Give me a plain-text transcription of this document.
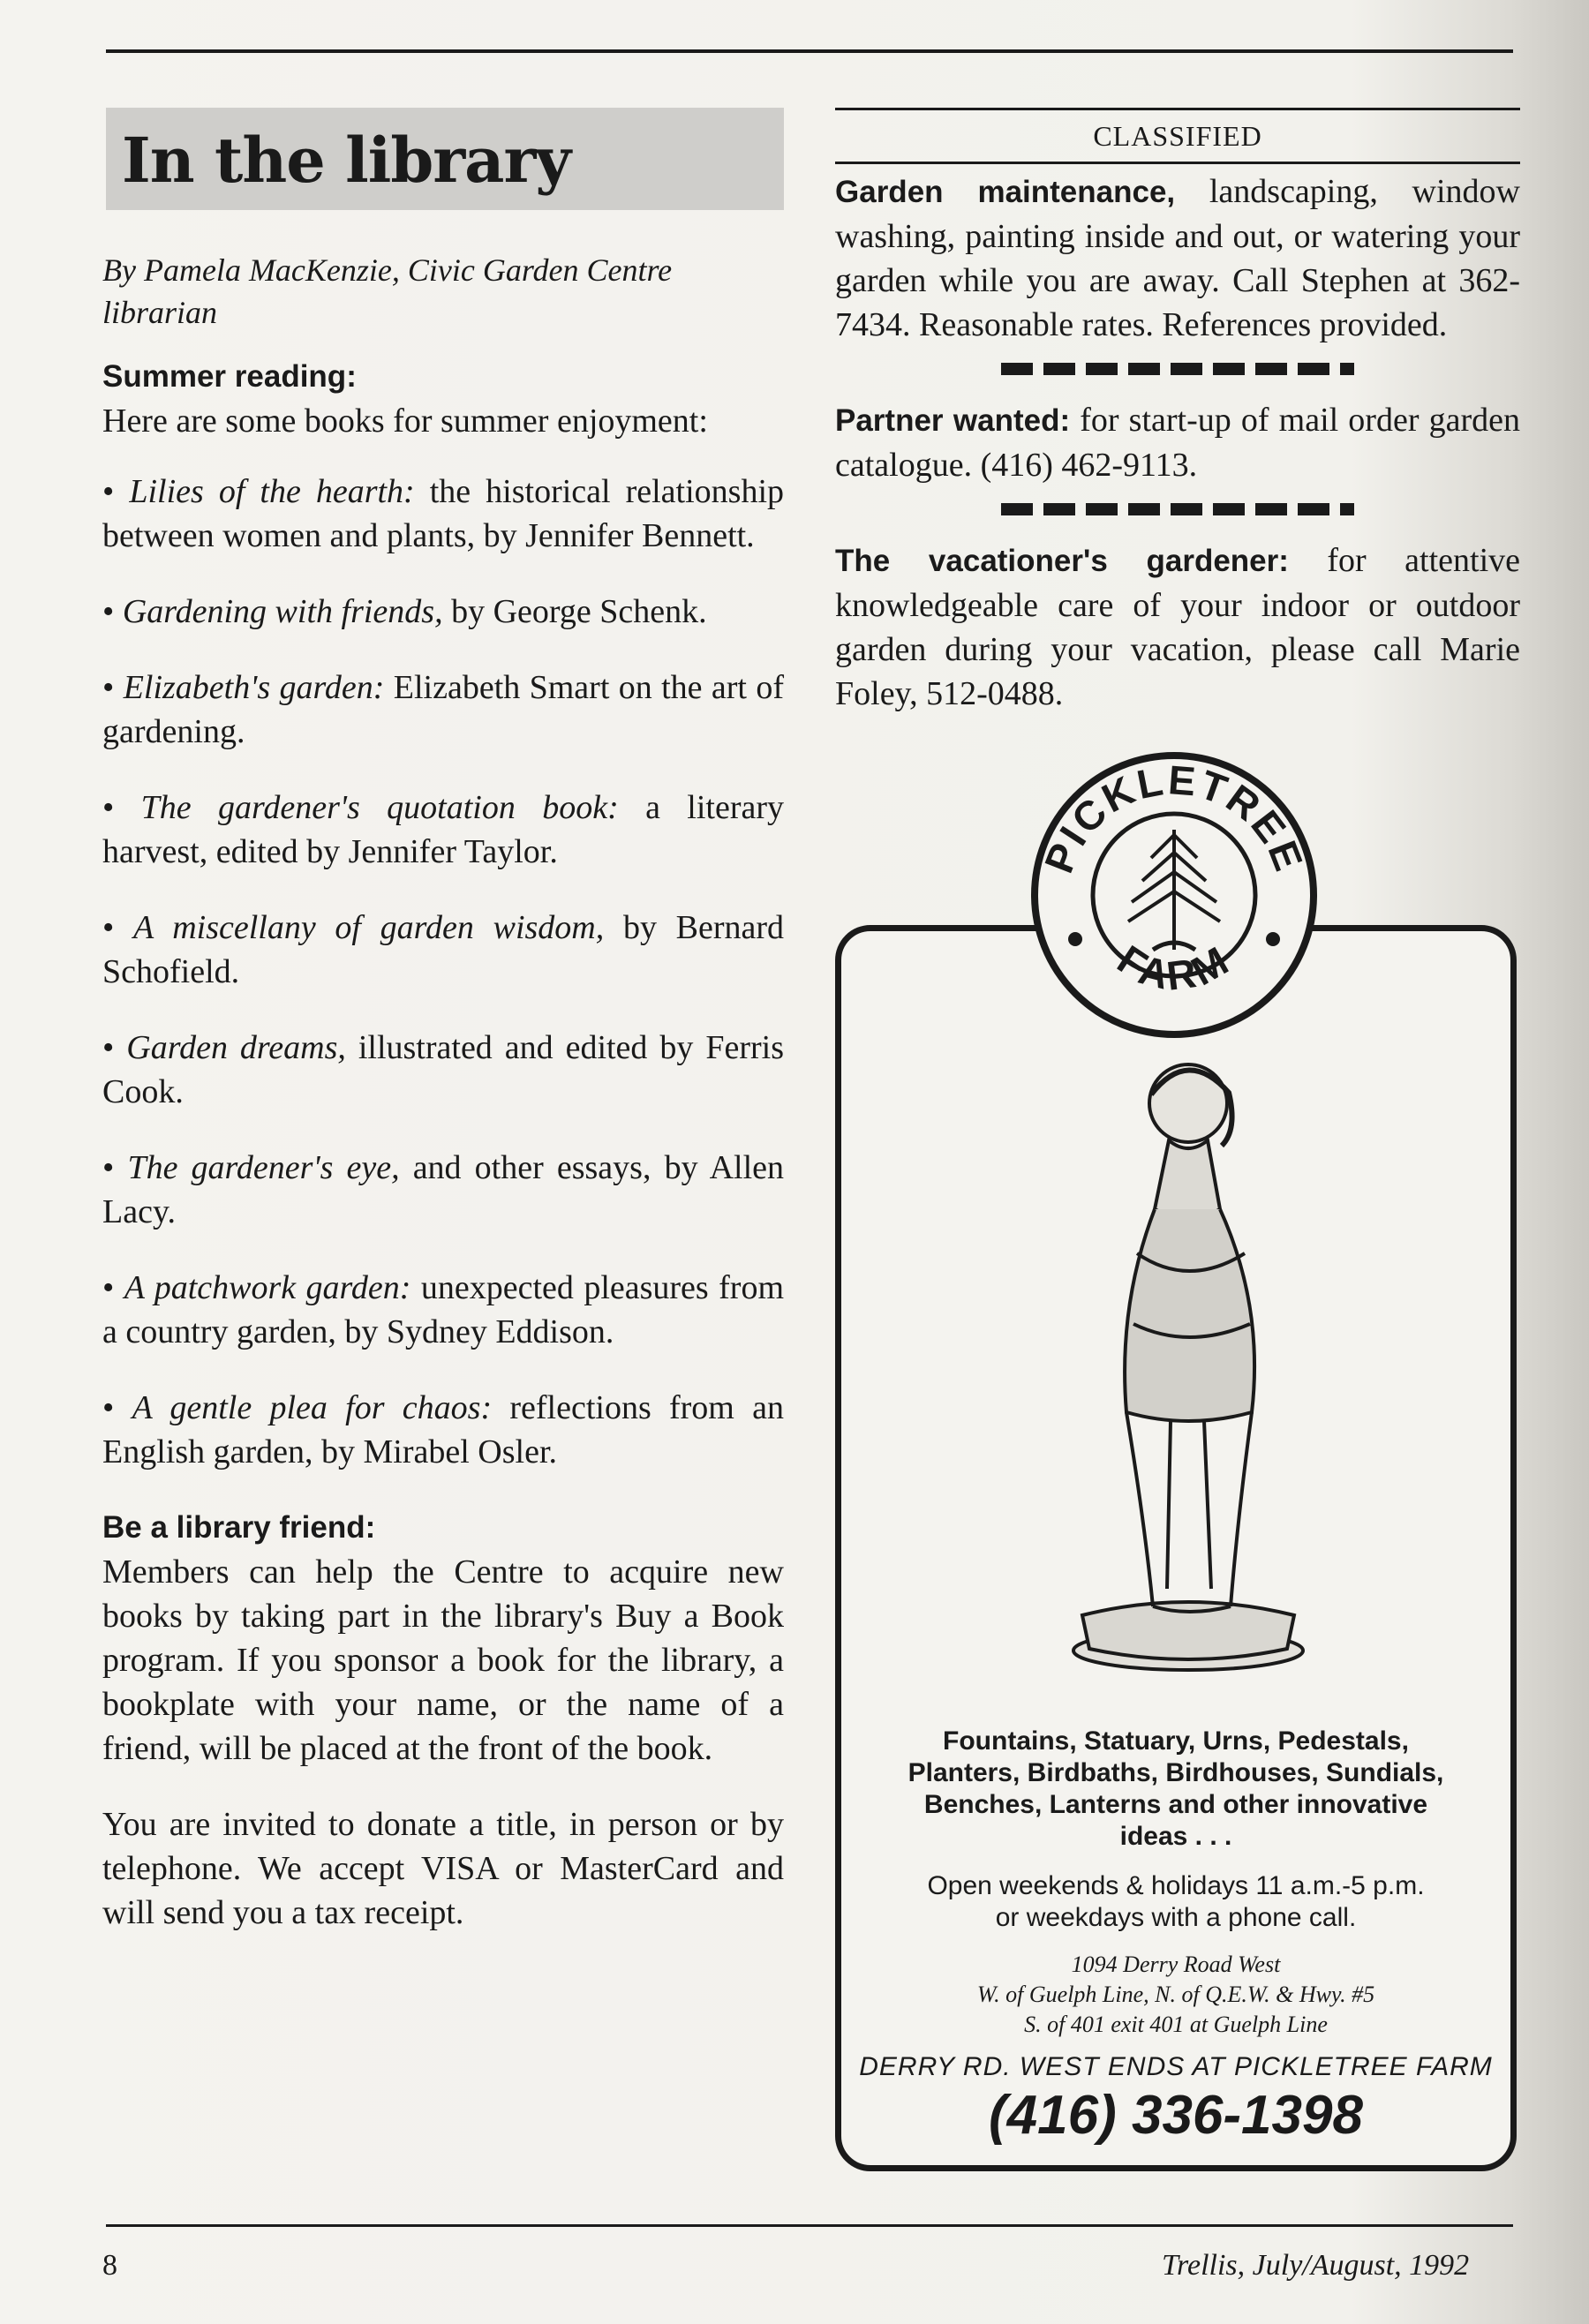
In the library
By Pamela MacKenzie, Civic Garden Centre librarian
Summer reading:
Here are some books for summer enjoyment:
• Lilies of the hearth: the historical relationship between women and plants, by Jennifer Bennett.
• Gardening with friends, by George Schenk.
• Elizabeth's garden: Elizabeth Smart on the art of gardening.
• The gardener's quotation book: a literary harvest, edited by Jennifer Taylor.
• A miscellany of garden wisdom, by Bernard Schofield.
• Garden dreams, illustrated and edited by Ferris Cook.
• The gardener's eye, and other essays, by Allen Lacy.
• A patchwork garden: unexpected pleasures from a country garden, by Sydney Eddison.
• A gentle plea for chaos: reflections from an English garden, by Mirabel Osler.
Be a library friend:
Members can help the Centre to acquire new books by taking part in the library's Buy a Book program. If you sponsor a book for the library, a bookplate with your name, or the name of a friend, will be placed at the front of the book.
You are invited to donate a title, in person or by telephone. We accept VISA or MasterCard and will send you a tax receipt.
CLASSIFIED
Garden maintenance, landscaping, window washing, painting inside and out, or watering your garden while you are away. Call Stephen at 362-7434. Reasonable rates. References provided.
Partner wanted: for start-up of mail order garden catalogue. (416) 462-9113.
The vacationer's gardener: for attentive knowledgeable care of your indoor or outdoor garden during your vacation, please call Marie Foley, 512-0488.
Fountains, Statuary, Urns, Pedestals, Planters, Birdbaths, Birdhouses, Sundials, Benches, Lanterns and other innovative ideas . . .
Open weekends & holidays 11 a.m.-5 p.m.
or weekdays with a phone call.
1094 Derry Road West
W. of Guelph Line, N. of Q.E.W. & Hwy. #5
S. of 401 exit 401 at Guelph Line
DERRY RD. WEST ENDS AT PICKLETREE FARM
(416) 336-1398
PICKLETREE
FARM
8	Trellis, July/August, 1992
